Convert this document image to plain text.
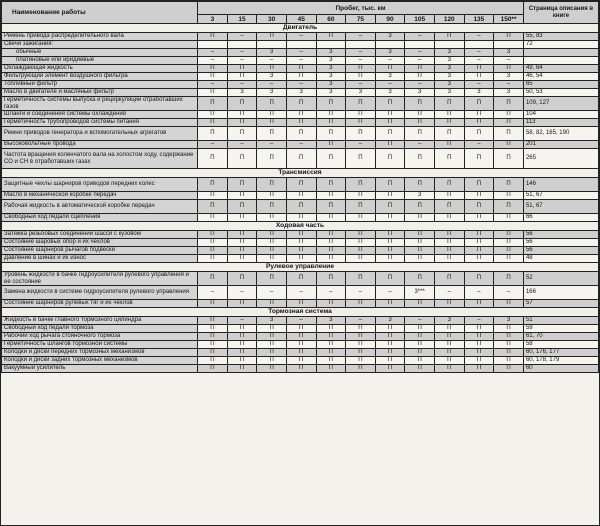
Наименование работы	Пробег, тыс. км											Страница описания в книге
	3	15	30	45	60	75	90	105	120	135	150**	
Двигатель												
Ремень привода распределительного вала	П	–	П	–	П	–	3	–	П	–	П	55, 83
Свечи зажигания:												72
обычные	–	–	3	–	3	–	3	–	3	–	3	
платиновые или иридиевые	–	–	–	–	3	–	–	–	3	–	–	
Охлаждающая жидкость	П	П	П	П	3	П	П	П	3	П	П	49, 64
Фильтрующий элемент воздушного фильтра	П	П	3	П	3	П	3	П	3	П	3	46, 54
Топливный фильтр	–	–	–	–	3	–	–	–	3	–	–	65
Масло в двигателе и масляный фильтр	П	3	3	3	3	3	3	3	3	3	3	50, 53
Герметичность системы выпуска и рециркуляции отработавших газов	П	П	П	П	П	П	П	П	П	П	П	109, 127
Шланги и соединения системы охлаждения	П	П	П	П	П	П	П	П	П	П	П	104
Герметичность трубопроводов системы питания	П	П	П	П	П	П	П	П	П	П	П	113
Ремни приводов генератора и вспомогательных агрегатов	П	П	П	П	П	П	П	П	П	П	П	58, 82, 165, 190
Высоковольтные провода	–	–	–	–	П	–	П	–	П	–	П	201
Частота вращения коленчатого вала на холостом ходу, содержание СО и СН в отработавших газах	П	П	П	П	П	П	П	П	П	П	П	265
Трансмиссия												
Защитные чехлы шарниров приводов передних колес	П	П	П	П	П	П	П	П	П	П	П	146
Масло в механической коробке передач	П	П	П	П	П	П	П	3	П	П	П	51, 67
Рабочая жидкость в автоматической коробке передач	П	П	П	П	П	П	П	П	П	П	П	51, 67
Свободный ход педали сцепления	П	П	П	П	П	П	П	П	П	П	П	66
Ходовая часть												
Затяжка резьбовых соединений шасси с кузовом	П	П	П	П	П	П	П	П	П	П	П	56
Состояние шаровых опор и их чехлов	П	П	П	П	П	П	П	П	П	П	П	56
Состояние шарниров рычагов подвески	П	П	П	П	П	П	П	П	П	П	П	56
Давление в шинах и их износ	П	П	П	П	П	П	П	П	П	П	П	48
Рулевое управление												
Уровень жидкости в бачке гидроусилителя рулевого управления и ее состояние	П	П	П	П	П	П	П	П	П	П	П	52
Замена жидкости в системе гидроусилителя рулевого управления	–	–	–	–	–	–	–	3***	–	–	–	166
Состояние шарниров рулевых тяг и их чехлов	П	П	П	П	П	П	П	П	П	П	П	57
Тормозная система												
Жидкость в бачке главного тормозного цилиндра	П	–	3	–	3	–	3	–	3	–	3	51
Свободный ход педали тормоза	П	П	П	П	П	П	П	П	П	П	П	59
Рабочий ход рычага стояночного тормоза	П	П	П	П	П	П	П	П	П	П	П	61, 70
Герметичность шлангов тормозной системы	П	П	П	П	П	П	П	П	П	П	П	58
Колодки и диски передних тормозных механизмов	П	П	П	П	П	П	П	П	П	П	П	60, 176, 177
Колодки и диски задних тормозных механизмов	П	П	П	П	П	П	П	П	П	П	П	60, 178, 179
Вакуумный усилитель	П	П	П	П	П	П	П	П	П	П	П	60
